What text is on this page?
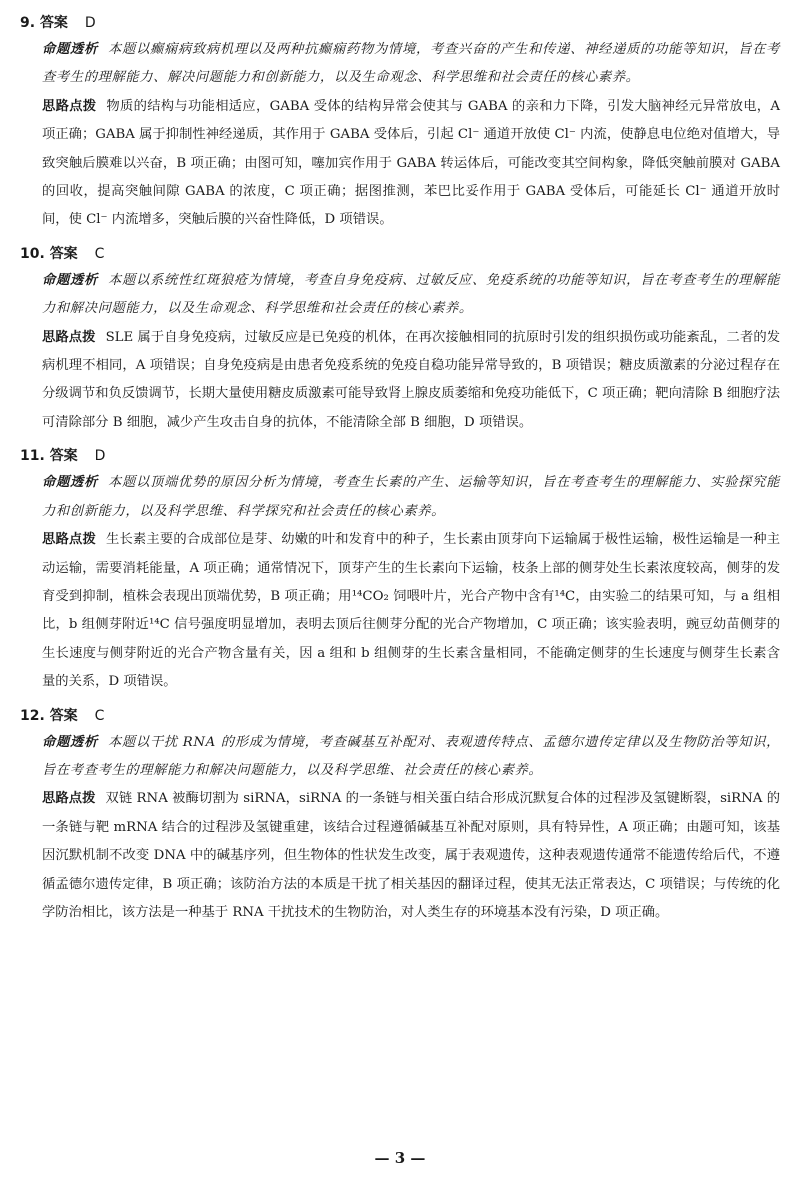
9. 答案 D

命题透析 本题以癫痫病致病机理以及两种抗癫痫药物为情境，考查兴奋的产生和传递、神经递质的功能等知识，旨在考查考生的理解能力、解决问题能力和创新能力，以及生命观念、科学思维和社会责任的核心素养。

思路点拨 物质的结构与功能相适应，GABA 受体的结构异常会使其与 GABA 的亲和力下降，引发大脑神经元异常放电，A 项正确；GABA 属于抑制性神经递质，其作用于 GABA 受体后，引起 Cl⁻ 通道开放使 Cl⁻ 内流，使静息电位绝对值增大，导致突触后膜难以兴奋，B 项正确；由图可知，噻加宾作用于 GABA 转运体后，可能改变其空间构象，降低突触前膜对 GABA 的回收，提高突触间隙 GABA 的浓度，C 项正确；据图推测，苯巴比妥作用于 GABA 受体后，可能延长 Cl⁻ 通道开放时间，使 Cl⁻ 内流增多，突触后膜的兴奋性降低，D 项错误。

10. 答案 C

命题透析 本题以系统性红斑狼疮为情境，考查自身免疫病、过敏反应、免疫系统的功能等知识，旨在考查考生的理解能力和解决问题能力，以及生命观念、科学思维和社会责任的核心素养。

思路点拨 SLE 属于自身免疫病，过敏反应是已免疫的机体，在再次接触相同的抗原时引发的组织损伤或功能紊乱，二者的发病机理不相同，A 项错误；自身免疫病是由患者免疫系统的免疫自稳功能异常导致的，B 项错误；糖皮质激素的分泌过程存在分级调节和负反馈调节，长期大量使用糖皮质激素可能导致肾上腺皮质萎缩和免疫功能低下，C 项正确；靶向清除 B 细胞疗法可清除部分 B 细胞，减少产生攻击自身的抗体，不能清除全部 B 细胞，D 项错误。

11. 答案 D

命题透析 本题以顶端优势的原因分析为情境，考查生长素的产生、运输等知识，旨在考查考生的理解能力、实验探究能力和创新能力，以及科学思维、科学探究和社会责任的核心素养。

思路点拨 生长素主要的合成部位是芽、幼嫩的叶和发育中的种子，生长素由顶芽向下运输属于极性运输，极性运输是一种主动运输，需要消耗能量，A 项正确；通常情况下，顶芽产生的生长素向下运输，枝条上部的侧芽处生长素浓度较高，侧芽的发育受到抑制，植株会表现出顶端优势，B 项正确；用¹⁴CO₂ 饲喂叶片，光合产物中含有¹⁴C，由实验二的结果可知，与 a 组相比，b 组侧芽附近¹⁴C 信号强度明显增加，表明去顶后往侧芽分配的光合产物增加，C 项正确；该实验表明，豌豆幼苗侧芽的生长速度与侧芽附近的光合产物含量有关，因 a 组和 b 组侧芽的生长素含量相同，不能确定侧芽的生长速度与侧芽生长素含量的关系，D 项错误。

12. 答案 C

命题透析 本题以干扰 RNA 的形成为情境，考查碱基互补配对、表观遗传特点、孟德尔遗传定律以及生物防治等知识，旨在考查考生的理解能力和解决问题能力，以及科学思维、社会责任的核心素养。

思路点拨 双链 RNA 被酶切割为 siRNA，siRNA 的一条链与相关蛋白结合形成沉默复合体的过程涉及氢键断裂，siRNA 的一条链与靶 mRNA 结合的过程涉及氢键重建，该结合过程遵循碱基互补配对原则，具有特异性，A 项正确；由题可知，该基因沉默机制不改变 DNA 中的碱基序列，但生物体的性状发生改变，属于表观遗传，这种表观遗传通常不能遗传给后代，不遵循孟德尔遗传定律，B 项正确；该防治方法的本质是干扰了相关基因的翻译过程，使其无法正常表达，C 项错误；与传统的化学防治相比，该方法是一种基于 RNA 干扰技术的生物防治，对人类生存的环境基本没有污染，D 项正确。

— 3 —
